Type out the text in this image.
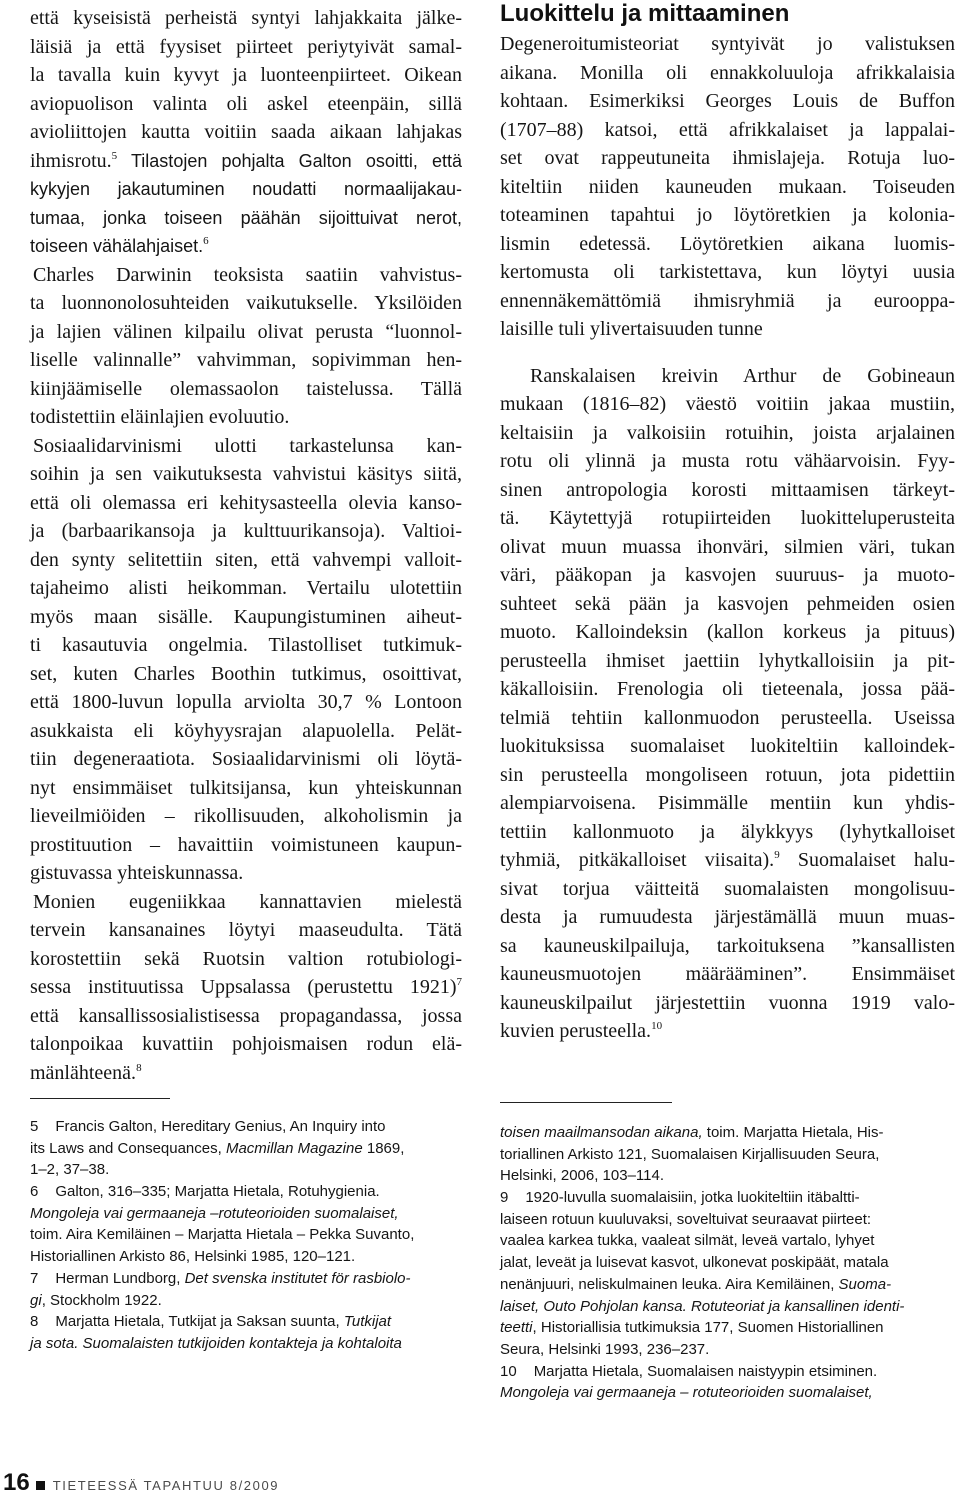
että kyseisistä perheistä syntyi lahjakkaita jälke-
läisiä ja että fyysiset piirteet periytyivät samal-
la tavalla kuin kyvyt ja luonteenpiirteet. Oikean
aviopuolison valinta oli askel eteenpäin, sillä
avioliittojen kautta voitiin saada aikaan lahjakas
ihmisrotu.$^5$ Tilastojen pohjalta Galton osoitti, että
kykyjen jakautuminen noudatti normaalijakau-
tumaa, jonka toiseen päähän sijoittuivat nerot,
toiseen vähälahjaiset.$^6$
Charles Darwinin teoksista saatiin vahvistus-
ta luonnonolosuhteiden vaikutukselle. Yksilöiden
ja lajien välinen kilpailu olivat perusta “luonnol-
liselle valinnalle” vahvimman, sopivimman hen-
kiinjäämiselle olemassaolon taistelussa. Tällä
todistettiin eläinlajien evoluutio.
Sosiaalidarvinismi ulotti tarkastelunsa kan-
soihin ja sen vaikutuksesta vahvistui käsitys siitä,
että oli olemassa eri kehitysasteella olevia kanso-
ja (barbaarikansoja ja kulttuurikansoja). Valtioi-
den synty selitettiin siten, että vahvempi valloit-
tajaheimo alisti heikomman. Vertailu ulotettiin
myös maan sisälle. Kaupungistuminen aiheut-
ti kasautuvia ongelmia. Tilastolliset tutkimuk-
set, kuten Charles Boothin tutkimus, osoittivat,
että 1800-luvun lopulla arviolta 30,7 % Lontoon
asukkaista eli köyhyysrajan alapuolella. Pelät-
tiin degeneraatiota. Sosiaalidarvinismi oli löytä-
nyt ensimmäiset tulkitsijansa, kun yhteiskunnan
lieveilmiöiden – rikollisuuden, alkoholismin ja
prostituution – havaittiin voimistuneen kaupun-
gistuvassa yhteiskunnassa.
Monien eugeniikkaa kannattavien mielestä
tervein kansanaines löytyi maaseudulta. Tätä
korostettiin sekä Ruotsin valtion rotubiologi-
sessa instituutissa Uppsalassa (perustettu 1921)$^7$
että kansallissosialistisessa propagandassa, jossa
talonpoikaa kuvattiin pohjoismaisen rodun elä-
mänlähteenä.$^8$
5 Francis Galton, Hereditary Genius, An Inquiry into
its Laws and Consequances, Macmillan Magazine 1869,
1–2, 37–38.
6 Galton, 316–335; Marjatta Hietala, Rotuhygienia.
Mongoleja vai germaaneja –rotuteorioiden suomalaiset,
toim. Aira Kemiläinen – Marjatta Hietala – Pekka Suvanto,
Historiallinen Arkisto 86, Helsinki 1985, 120–121.
7 Herman Lundborg, Det svenska institutet för rasbiolo-
gi, Stockholm 1922.
8 Marjatta Hietala, Tutkijat ja Saksan suunta, Tutkijat
ja sota. Suomalaisten tutkijoiden kontakteja ja kohtaloita
Luokittelu ja mittaaminen
Degeneroitumisteoriat syntyivät jo valistuksen
aikana. Monilla oli ennakkoluuloja afrikkalaisia
kohtaan. Esimerkiksi Georges Louis de Buffon
(1707–88) katsoi, että afrikkalaiset ja lappalai-
set ovat rappeutuneita ihmislajeja. Rotuja luo-
kiteltiin niiden kauneuden mukaan. Toiseuden
toteaminen tapahtui jo löytöretkien ja kolonia-
lismin edetessä. Löytöretkien aikana luomis-
kertomusta oli tarkistettava, kun löytyi uusia
ennennäkemättömiä ihmisryhmiä ja eurooppa-
laisille tuli ylivertaisuuden tunne
Ranskalaisen kreivin Arthur de Gobineaun
mukaan (1816–82) väestö voitiin jakaa mustiin,
keltaisiin ja valkoisiin rotuihin, joista arjalainen
rotu oli ylinnä ja musta rotu vähäarvoisin. Fyy-
sinen antropologia korosti mittaamisen tärkeyt-
tä. Käytettyjä rotupiirteiden luokitteluperusteita
olivat muun muassa ihonväri, silmien väri, tukan
väri, pääkopan ja kasvojen suuruus- ja muoto-
suhteet sekä pään ja kasvojen pehmeiden osien
muoto. Kalloindeksin (kallon korkeus ja pituus)
perusteella ihmiset jaettiin lyhytkalloisiin ja pit-
käkalloisiin. Frenologia oli tieteenala, jossa pää-
telmiä tehtiin kallonmuodon perusteella. Useissa
luokituksissa suomalaiset luokiteltiin kalloindek-
sin perusteella mongoliseen rotuun, jota pidettiin
alempiarvoisena. Pisimmälle mentiin kun yhdis-
tettiin kallonmuoto ja älykkyys (lyhytkalloiset
tyhmiä, pitkäkalloiset viisaita).$^9$ Suomalaiset halu-
sivat torjua väitteitä suomalaisten mongolisuu-
desta ja rumuudesta järjestämällä muun muas-
sa kauneuskilpailuja, tarkoituksena ”kansallisten
kauneusmuotojen määrääminen”. Ensimmäiset
kauneuskilpailut järjestettiin vuonna 1919 valo-
kuvien perusteella.$^{10}$
toisen maailmansodan aikana, toim. Marjatta Hietala, His-
toriallinen Arkisto 121, Suomalaisen Kirjallisuuden Seura,
Helsinki, 2006, 103–114.
9 1920-luvulla suomalaisiin, jotka luokiteltiin itäbaltti-
laiseen rotuun kuuluvaksi, soveltuivat seuraavat piirteet:
vaalea karkea tukka, vaaleat silmät, leveä vartalo, lyhyet
jalat, leveät ja luisevat kasvot, ulkonevat poskipäät, matala
nenänjuuri, neliskulmainen leuka. Aira Kemiläinen, Suoma-
laiset, Outo Pohjolan kansa. Rotuteoriat ja kansallinen identi-
teetti, Historiallisia tutkimuksia 177, Suomen Historiallinen
Seura, Helsinki 1993, 236–237.
10 Marjatta Hietala, Suomalaisen naistyypin etsiminen.
Mongoleja vai germaaneja – rotuteorioiden suomalaiset,
16 TIETEESSÄ TAPAHTUU 8/2009
